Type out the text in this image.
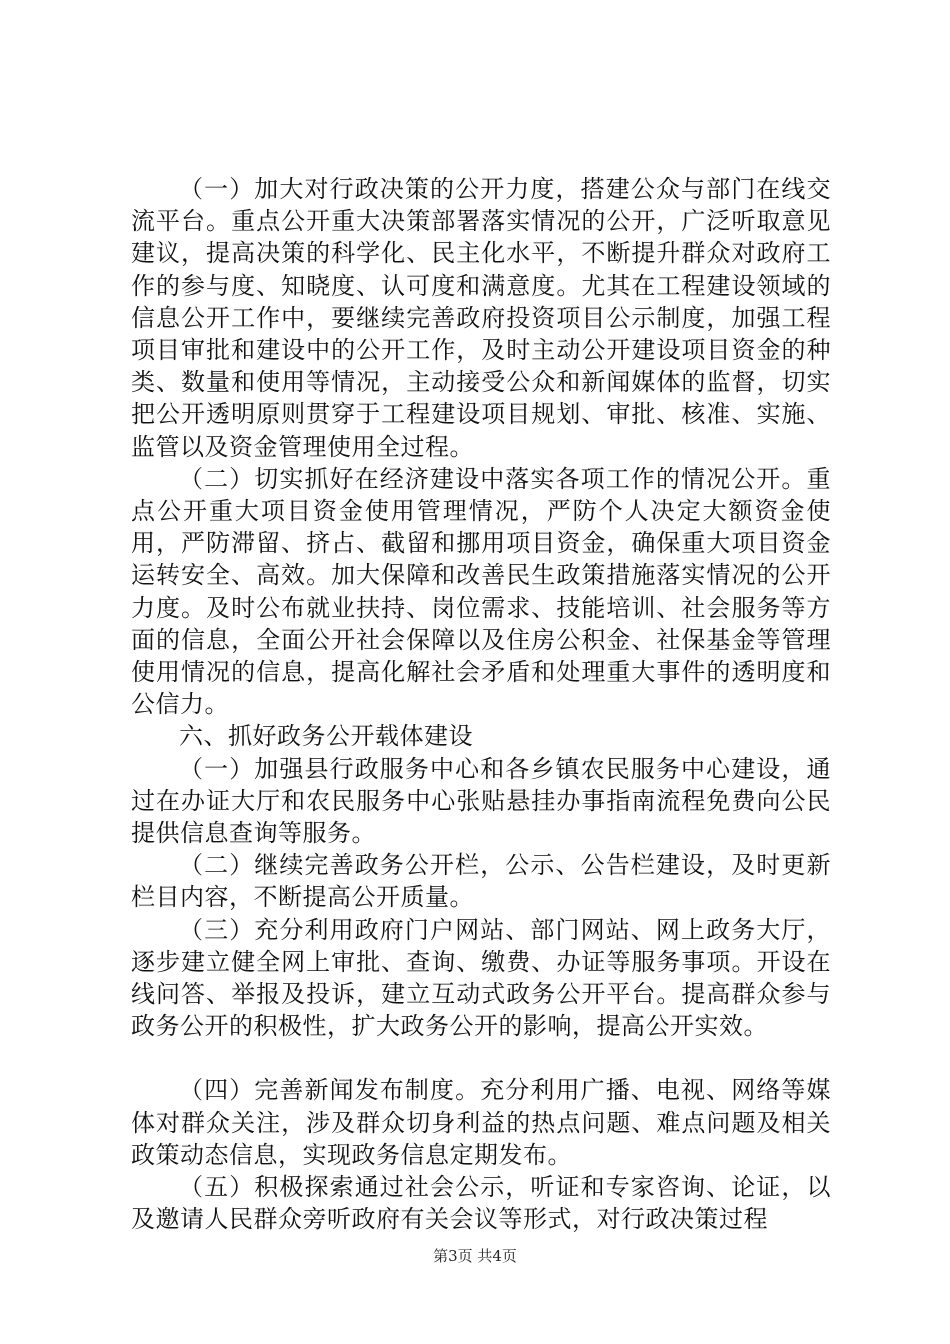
（一）加大对行政决策的公开力度，搭建公众与部门在线交流平台。重点公开重大决策部署落实情况的公开，广泛听取意见建议，提高决策的科学化、民主化水平，不断提升群众对政府工作的参与度、知晓度、认可度和满意度。尤其在工程建设领域的信息公开工作中，要继续完善政府投资项目公示制度，加强工程项目审批和建设中的公开工作，及时主动公开建设项目资金的种类、数量和使用等情况，主动接受公众和新闻媒体的监督，切实把公开透明原则贯穿于工程建设项目规划、审批、核准、实施、监管以及资金管理使用全过程。

（二）切实抓好在经济建设中落实各项工作的情况公开。重点公开重大项目资金使用管理情况，严防个人决定大额资金使用，严防滞留、挤占、截留和挪用项目资金，确保重大项目资金运转安全、高效。加大保障和改善民生政策措施落实情况的公开力度。及时公布就业扶持、岗位需求、技能培训、社会服务等方面的信息，全面公开社会保障以及住房公积金、社保基金等管理使用情况的信息，提高化解社会矛盾和处理重大事件的透明度和公信力。

六、抓好政务公开载体建设

（一）加强县行政服务中心和各乡镇农民服务中心建设，通过在办证大厅和农民服务中心张贴悬挂办事指南流程免费向公民提供信息查询等服务。

（二）继续完善政务公开栏，公示、公告栏建设，及时更新栏目内容，不断提高公开质量。

（三）充分利用政府门户网站、部门网站、网上政务大厅，逐步建立健全网上审批、查询、缴费、办证等服务事项。开设在线问答、举报及投诉，建立互动式政务公开平台。提高群众参与政务公开的积极性，扩大政务公开的影响，提高公开实效。

（四）完善新闻发布制度。充分利用广播、电视、网络等媒体对群众关注，涉及群众切身利益的热点问题、难点问题及相关政策动态信息，实现政务信息定期发布。

（五）积极探索通过社会公示，听证和专家咨询、论证，以及邀请人民群众旁听政府有关会议等形式，对行政决策过程

第3页 共4页
